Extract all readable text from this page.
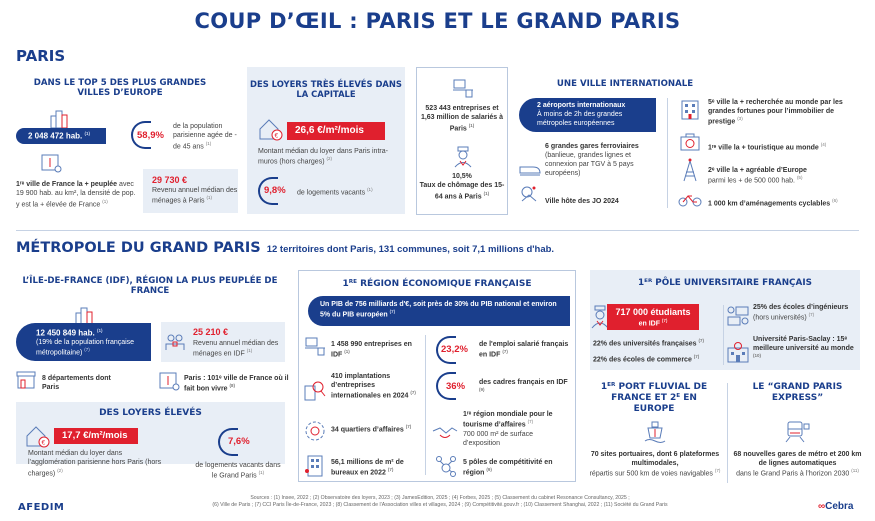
COUP D’ŒIL : PARIS ET LE GRAND PARIS
PARIS
DANS LE TOP 5 DES PLUS GRANDES VILLES D’EUROPE
2 048 472 hab. $^{(1)}$
1ʳᵉ ville de France la + peuplée avec 19 900 hab. au km², la densité de pop. y est la + élevée de France $^{(1)}$
58,9%
de la population parisienne agée de - de 45 ans $^{(1)}$
29 730 €
Revenu annuel médian des ménages à Paris $^{(1)}$
DES LOYERS TRÈS ÉLEVÉS DANS LA CAPITALE
€	26,6 €/m²/mois
Montant médian du loyer dans Paris intra-muros (hors charges) $^{(2)}$
9,8% de logements vacants $^{(1)}$
523 443 entreprises et 1,63 million de salariés à Paris $^{(1)}$
10,5%
Taux de chômage des 15-64 ans à Paris $^{(1)}$
UNE VILLE INTERNATIONALE
2 aéroports internationaux
À moins de 2h des grandes métropoles européennes
6 grandes gares ferroviaires
(banlieue, grandes lignes et connexion par TGV à 5 pays européens)
Ville hôte des JO 2024
5ᵉ ville la + recherchée au monde par les grandes fortunes pour l’immobilier de prestige $^{(3)}$
1ʳᵉ ville la + touristique au monde $^{(4)}$
2ᵉ ville la + agréable d’Europe
parmi les + de 500 000 hab. $^{(5)}$
1 000 km d’aménagements cyclables $^{(6)}$
MÉTROPOLE DU GRAND PARIS 12 territoires dont Paris, 131 communes, soit 7,1 millions d'hab.
L’ÎLE-DE-FRANCE (IDF), RÉGION LA PLUS PEUPLÉE DE FRANCE
12 450 849 hab. $^{(1)}$
(19% de la population française métropolitaine) $^{(7)}$
25 210 €
Revenu annuel médian des ménages en IDF $^{(1)}$
8 départements dont Paris
Paris : 101ᵉ ville de France où il fait bon vivre $^{(8)}$
DES LOYERS ÉLEVÉS
€
17,7 €/m²/mois
Montant médian du loyer dans l’agglomération parisienne hors Paris (hors charges) $^{(2)}$
7,6%
de logements vacants dans le Grand Paris $^{(1)}$
1ᴿᴱ RÉGION ÉCONOMIQUE FRANÇAISE
Un PIB de 756 milliards d'€, soit près de 30% du PIB national et environ 5% du PIB européen $^{(7)}$
1 458 990 entreprises en IDF $^{(1)}$
410 implantations d’entreprises internationales en 2024 $^{(7)}$
34 quartiers d’affaires $^{(7)}$
56,1 millions de m² de bureaux en 2022 $^{(7)}$
23,2% de l'emploi salarié français en IDF $^{(7)}$
36% des cadres français en IDF $^{(9)}$
1ʳᵉ région mondiale pour le tourisme d’affaires $^{(7)}$
700 000 m² de surface d’exposition
5 pôles de compétitivité en région $^{(9)}$
1ᴱᴿ PÔLE UNIVERSITAIRE FRANÇAIS
717 000 étudiants
en IDF $^{(7)}$
22% des universités françaises $^{(7)}$
22% des écoles de commerce $^{(7)}$
25% des écoles d’ingénieurs
(hors universités) $^{(7)}$
Université Paris-Saclay : 15ᵉ meilleure université au monde $^{(10)}$
1ᴱᴿ PORT FLUVIAL DE FRANCE ET 2ᴱ EN EUROPE
70 sites portuaires, dont 6 plateformes multimodales,
répartis sur 500 km de voies navigables $^{(7)}$
LE “GRAND PARIS EXPRESS”
68 nouvelles gares de métro et 200 km de lignes automatiques
dans le Grand Paris à l’horizon 2030 $^{(11)}$
AFEDIM
Sources : (1) Insee, 2022 ; (2) Observatoire des loyers, 2023 ; (3) JamesEdition, 2025 ; (4) Forbes, 2025 ; (5) Classement du cabinet Resonance Consultancy, 2025 ;
(6) Ville de Paris ; (7) CCI Paris Île-de-France, 2023 ; (8) Classement de l’Association villes et villages, 2024 ; (9) Compétitivité.gouv.fr ; (10) Classement Shanghai, 2022 ; (11) Société du Grand Paris	∞Cebra
